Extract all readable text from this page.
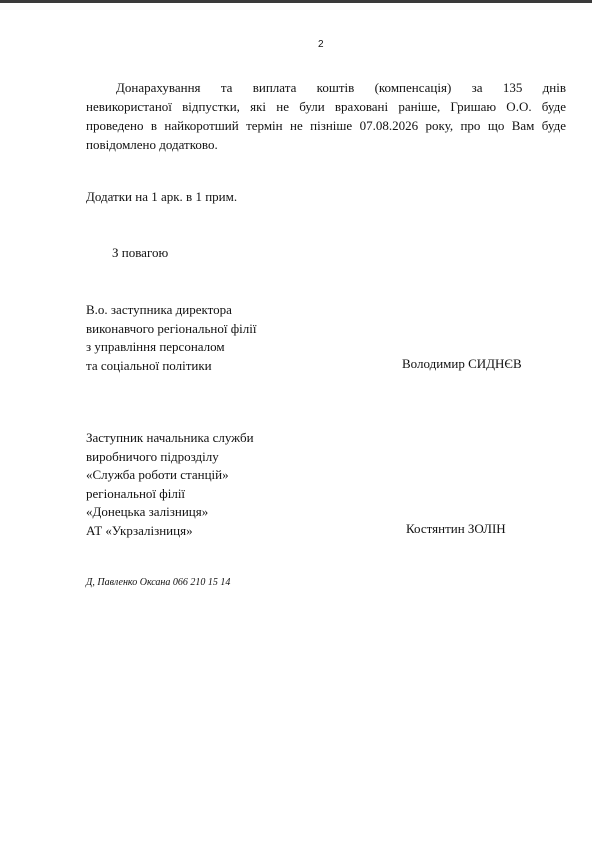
2
Донарахування та виплата коштів (компенсація) за 135 днів
невикористаної відпустки, які не були враховані раніше, Гришаю О.О. буде
проведено в найкоротший термін не пізніше 07.08.2026 року, про що Вам буде
повідомлено додатково.
Додатки на 1 арк. в 1 прим.
З повагою
В.о. заступника директора
виконавчого регіональної філії
з управління персоналом
та соціальної політики	Володимир СИДНЄВ
Заступник начальника служби
виробничого підрозділу
«Служба роботи станцій»
регіональної філії
«Донецька залізниця»
АТ «Укрзалізниця»	Костянтин ЗОЛІН
Д, Павленко Оксана 066 210 15 14
